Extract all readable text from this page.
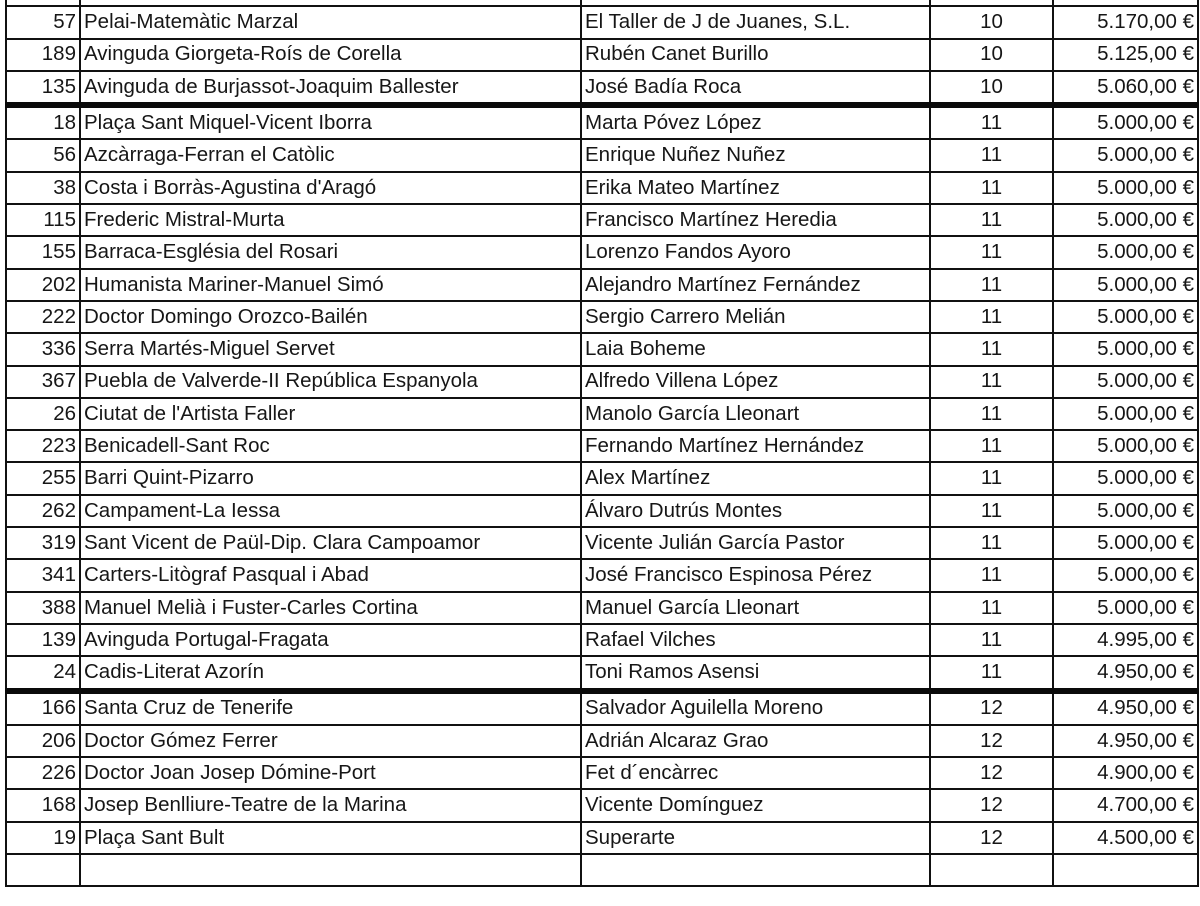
57	Pelai-Matemàtic Marzal	El Taller de J de Juanes, S.L.	10	5.170,00 €
189	Avinguda Giorgeta-Roís de Corella	Rubén Canet Burillo	10	5.125,00 €
135	Avinguda de Burjassot-Joaquim Ballester	José Badía Roca	10	5.060,00 €
18	Plaça Sant Miquel-Vicent Iborra	Marta Póvez López	11	5.000,00 €
56	Azcàrraga-Ferran el Catòlic	Enrique Nuñez Nuñez	11	5.000,00 €
38	Costa i Borràs-Agustina d'Aragó	Erika Mateo Martínez	11	5.000,00 €
115	Frederic Mistral-Murta	Francisco Martínez Heredia	11	5.000,00 €
155	Barraca-Església del Rosari	Lorenzo Fandos Ayoro	11	5.000,00 €
202	Humanista Mariner-Manuel Simó	Alejandro Martínez Fernández	11	5.000,00 €
222	Doctor Domingo Orozco-Bailén	Sergio Carrero Melián	11	5.000,00 €
336	Serra Martés-Miguel Servet	Laia Boheme	11	5.000,00 €
367	Puebla de Valverde-II República Espanyola	Alfredo Villena López	11	5.000,00 €
26	Ciutat de l'Artista Faller	Manolo García Lleonart	11	5.000,00 €
223	Benicadell-Sant Roc	Fernando Martínez Hernández	11	5.000,00 €
255	Barri Quint-Pizarro	Alex Martínez	11	5.000,00 €
262	Campament-La Iessa	Álvaro Dutrús Montes	11	5.000,00 €
319	Sant Vicent de Paül-Dip. Clara Campoamor	Vicente Julián García Pastor	11	5.000,00 €
341	Carters-Litògraf Pasqual i Abad	José Francisco Espinosa Pérez	11	5.000,00 €
388	Manuel Melià i Fuster-Carles Cortina	Manuel García Lleonart	11	5.000,00 €
139	Avinguda Portugal-Fragata	Rafael Vilches	11	4.995,00 €
24	Cadis-Literat Azorín	Toni Ramos Asensi	11	4.950,00 €
166	Santa Cruz de Tenerife	Salvador Aguilella Moreno	12	4.950,00 €
206	Doctor Gómez Ferrer	Adrián Alcaraz Grao	12	4.950,00 €
226	Doctor Joan Josep Dómine-Port	Fet d´encàrrec	12	4.900,00 €
168	Josep Benlliure-Teatre de la Marina	Vicente Domínguez	12	4.700,00 €
19	Plaça Sant Bult	Superarte	12	4.500,00 €
